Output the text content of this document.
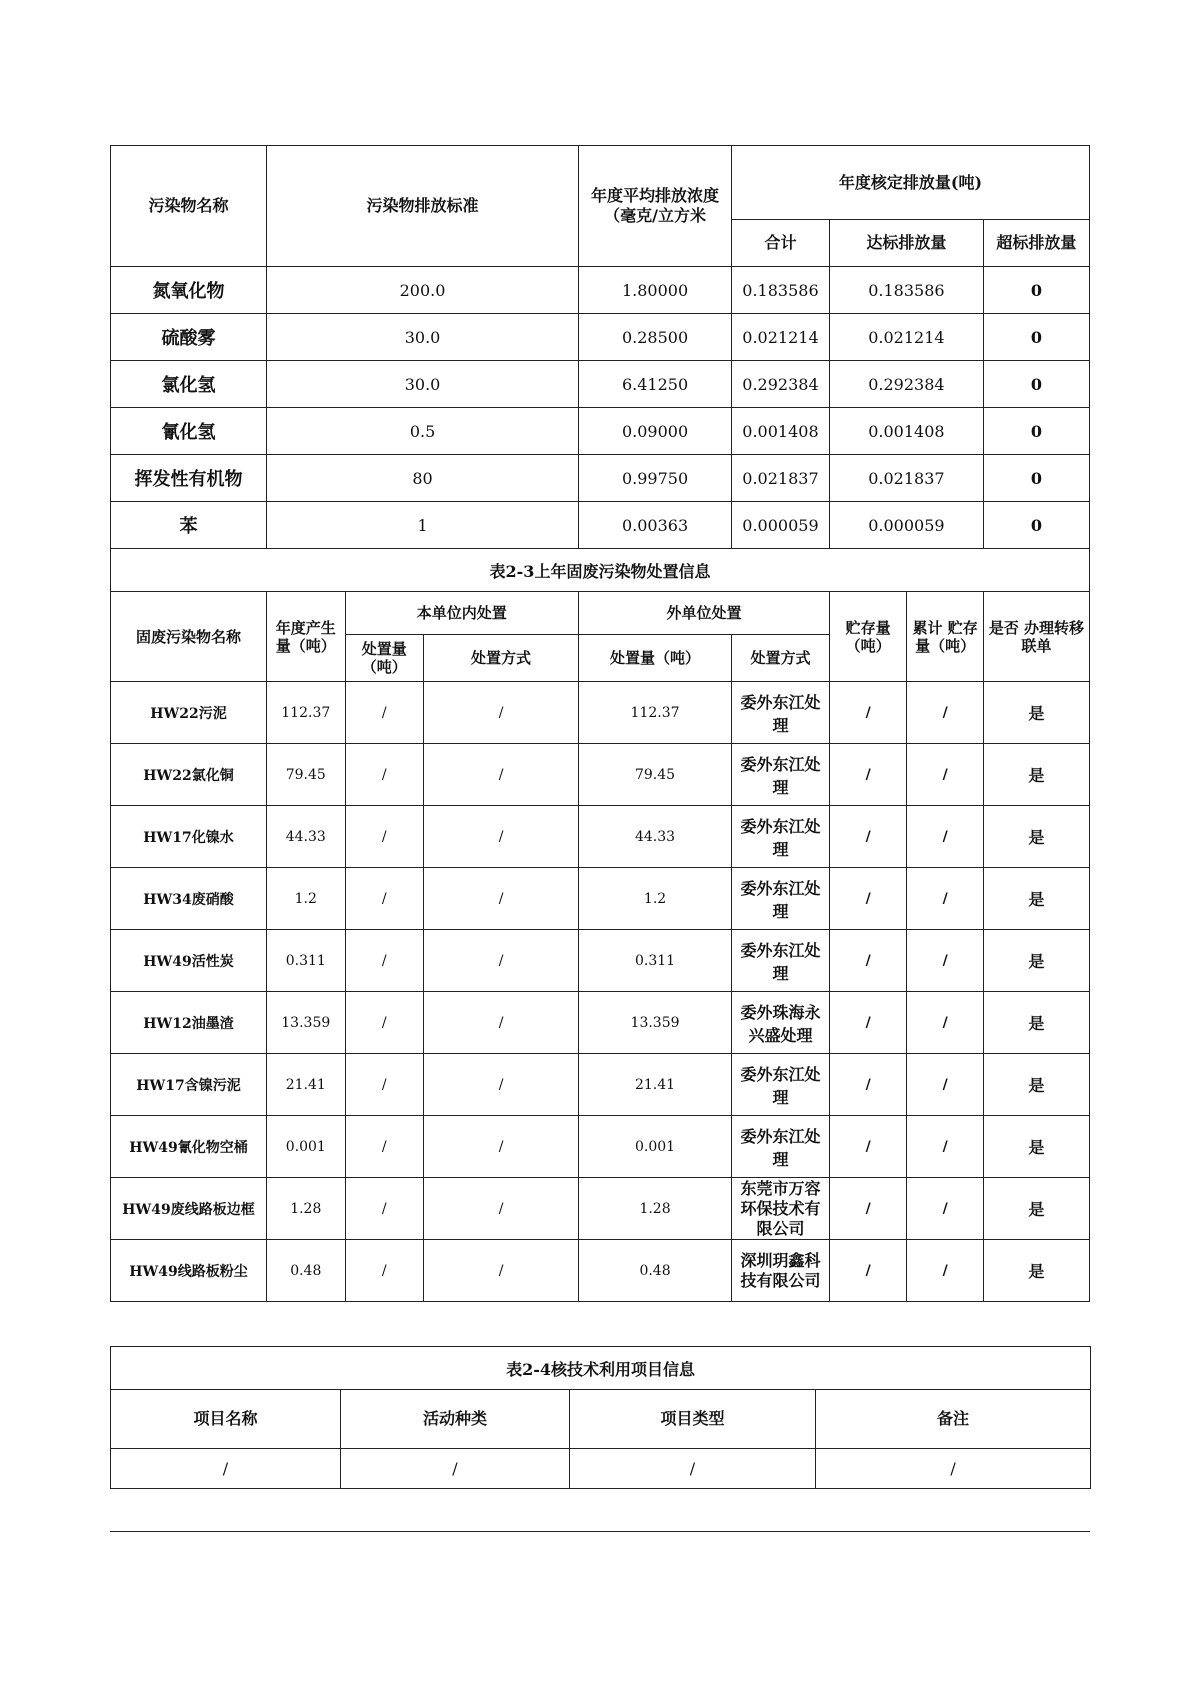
污染物名称	污染物排放标准			年度平均排放浓度（毫克/立方米	年度核定排放量(吨)			
					合计	达标排放量		超标排放量
氮氧化物	200.0			1.80000	0.183586	0.183586		0
硫酸雾	30.0			0.28500	0.021214	0.021214		0
氯化氢	30.0			6.41250	0.292384	0.292384		0
氰化氢	0.5			0.09000	0.001408	0.001408		0
挥发性有机物	80			0.99750	0.021837	0.021837		0
苯	1			0.00363	0.000059	0.000059		0
表2-3上年固废污染物处置信息								
固废污染物名称	年度产生量（吨）	本单位内处置		外单位处置		贮存量（吨）	累计 贮存量（吨）	是否 办理转移联单
		处置量（吨）	处置方式	处置量（吨）	处置方式			
HW22污泥	112.37	/	/	112.37	委外东江处理	/	/	是
HW22氯化铜	79.45	/	/	79.45	委外东江处理	/	/	是
HW17化镍水	44.33	/	/	44.33	委外东江处理	/	/	是
HW34废硝酸	1.2	/	/	1.2	委外东江处理	/	/	是
HW49活性炭	0.311	/	/	0.311	委外东江处理	/	/	是
HW12油墨渣	13.359	/	/	13.359	委外珠海永兴盛处理	/	/	是
HW17含镍污泥	21.41	/	/	21.41	委外东江处理	/	/	是
HW49氰化物空桶	0.001	/	/	0.001	委外东江处理	/	/	是
HW49废线路板边框	1.28	/	/	1.28	东莞市万容环保技术有限公司	/	/	是
HW49线路板粉尘	0.48	/	/	0.48	深圳玥鑫科技有限公司	/	/	是
表2-4核技术利用项目信息			
项目名称	活动种类	项目类型	备注
/	/	/	/
